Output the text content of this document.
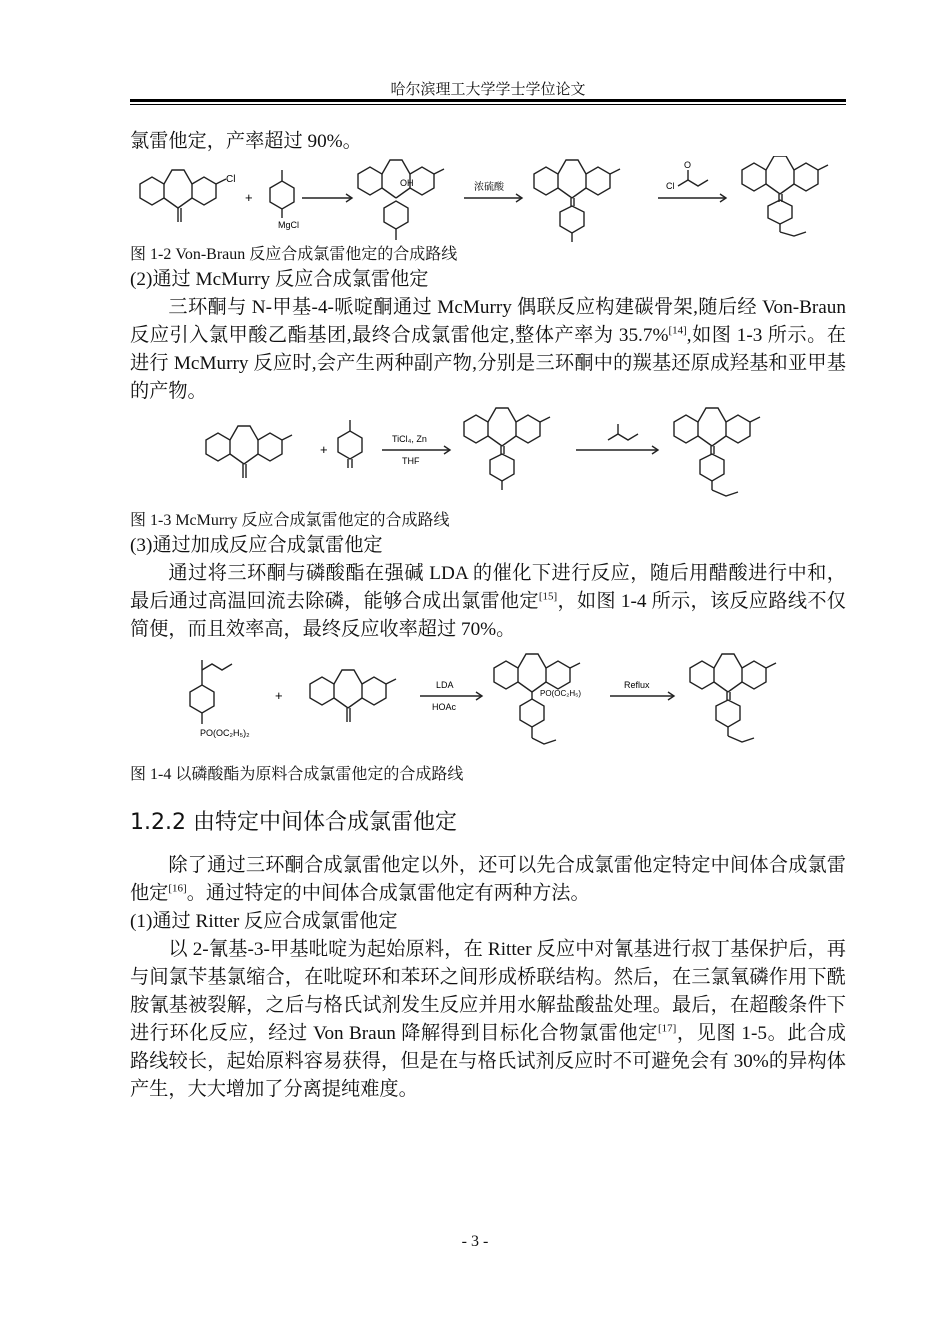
哈尔滨理工大学学士学位论文

氯雷他定，产率超过 90%。

Cl
+
MgCl
OH	浓硫酸	Cl
O

图 1-2 Von-Braun 反应合成氯雷他定的合成路线

(2)通过 McMurry 反应合成氯雷他定

三环酮与 N-甲基-4-哌啶酮通过 McMurry 偶联反应构建碳骨架,随后经 Von-Braun 反应引入氯甲酸乙酯基团,最终合成氯雷他定,整体产率为 35.7%[14],如图 1-3 所示。在进行 McMurry 反应时,会产生两种副产物,分别是三环酮中的羰基还原成羟基和亚甲基的产物。

+
TiCl₄, Zn
THF

图 1-3 McMurry 反应合成氯雷他定的合成路线

(3)通过加成反应合成氯雷他定

通过将三环酮与磷酸酯在强碱 LDA 的催化下进行反应，随后用醋酸进行中和，最后通过高温回流去除磷，能够合成出氯雷他定[15]，如图 1-4 所示，该反应路线不仅简便，而且效率高，最终反应收率超过 70%。

PO(OC₂H₅)₂
+
LDA
HOAc
PO(OC₂H₅)
Reflux

图 1-4 以磷酸酯为原料合成氯雷他定的合成路线

1.2.2 由特定中间体合成氯雷他定

除了通过三环酮合成氯雷他定以外，还可以先合成氯雷他定特定中间体合成氯雷他定[16]。通过特定的中间体合成氯雷他定有两种方法。

(1)通过 Ritter 反应合成氯雷他定

以 2-氰基-3-甲基吡啶为起始原料，在 Ritter 反应中对氰基进行叔丁基保护后，再与间氯苄基氯缩合，在吡啶环和苯环之间形成桥联结构。然后，在三氯氧磷作用下酰胺氰基被裂解，之后与格氏试剂发生反应并用水解盐酸盐处理。最后，在超酸条件下进行环化反应，经过 Von Braun 降解得到目标化合物氯雷他定[17]，见图 1-5。此合成路线较长，起始原料容易获得，但是在与格氏试剂反应时不可避免会有 30%的异构体产生，大大增加了分离提纯难度。

- 3 -
